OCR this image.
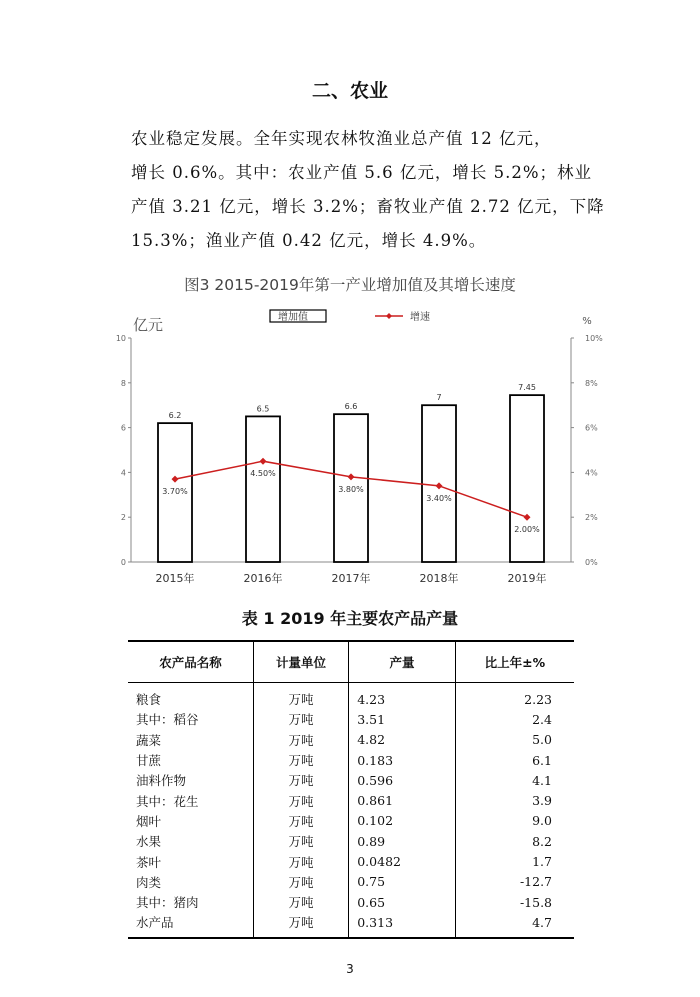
二、农业

农业稳定发展。全年实现农林牧渔业总产值 12 亿元，

增长 0.6%。其中：农业产值 5.6 亿元，增长 5.2%；林业

产值 3.21 亿元，增长 3.2%；畜牧业产值 2.72 亿元，下降

15.3%；渔业产值 0.42 亿元，增长 4.9%。

图3 2015-2019年第一产业增加值及其增长速度
0
2
4
6
8
10
0%
2%
4%
6%
8%
10%
亿元	%
增加值	增速
6.2
2015年
6.5
2016年
6.6
2017年
7
2018年
7.45
2019年
3.70%
4.50%
3.80%
3.40%
2.00%
表 1 2019 年主要农产品产量
农产品名称	计量单位	产量	比上年±%
粮食	万吨	4.23	2.23
其中：稻谷	万吨	3.51	2.4
蔬菜	万吨	4.82	5.0
甘蔗	万吨	0.183	6.1
油料作物	万吨	0.596	4.1
其中：花生	万吨	0.861	3.9
烟叶	万吨	0.102	9.0
水果	万吨	0.89	8.2
茶叶	万吨	0.0482	1.7
肉类	万吨	0.75	-12.7
其中：猪肉	万吨	0.65	-15.8
水产品	万吨	0.313	4.7
3
